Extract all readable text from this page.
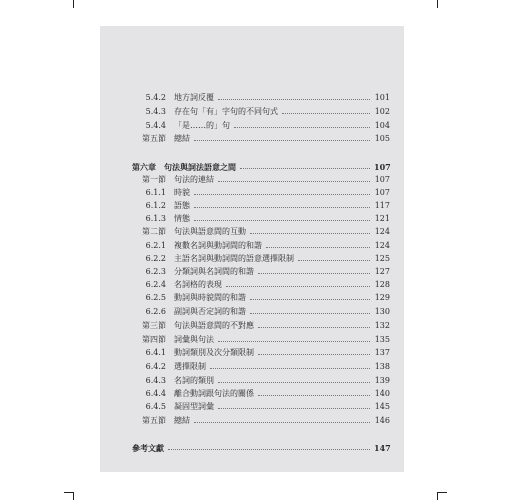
5.4.2 地方詞反覆	101
5.4.3 存在句「有」字句的不同句式	102
5.4.4 「是……的」句	104
第五節 總結	105
第六章 句法與詞法語意之間	107
第一節 句法的連結	107
6.1.1 時貌	107
6.1.2 語態	117
6.1.3 情態	121
第二節 句法與語意間的互動	124
6.2.1 複數名詞與動詞間的和諧	124
6.2.2 主語名詞與動詞間的語意選擇限制	125
6.2.3 分類詞與名詞間的和諧	127
6.2.4 名詞格的表現	128
6.2.5 動詞與時貌間的和諧	129
6.2.6 副詞與否定詞的和諧	130
第三節 句法與語意間的不對應	132
第四節 詞彙與句法	135
6.4.1 動詞類別及次分類限制	137
6.4.2 選擇限制	138
6.4.3 名詞的類別	139
6.4.4 離合動詞跟句法的關係	140
6.4.5 凝固型詞彙	145
第五節 總結	146
參考文獻	147
